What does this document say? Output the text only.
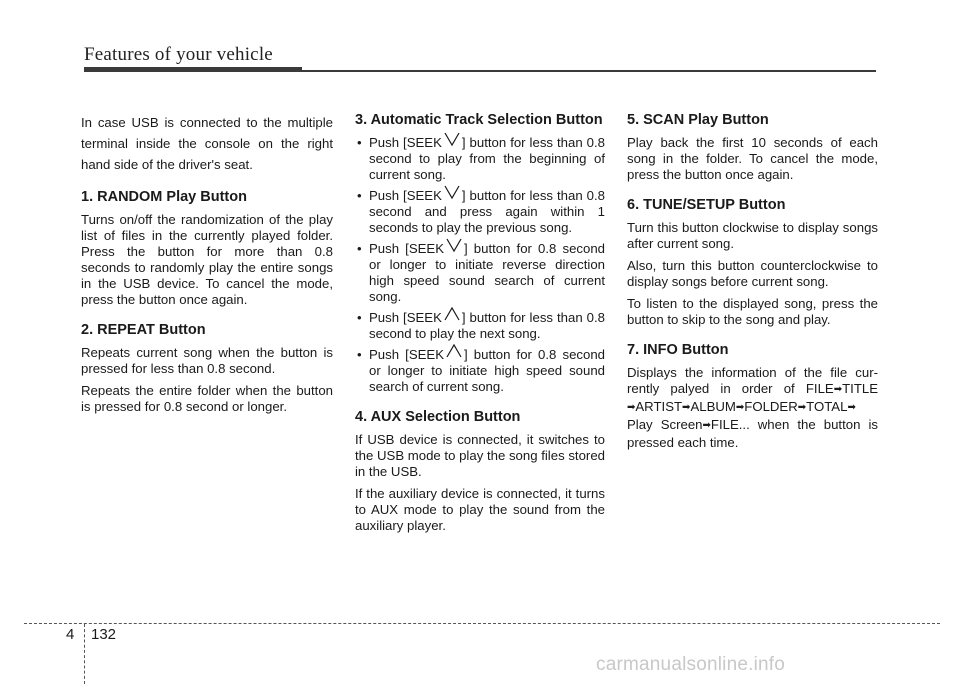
Features of your vehicle

In case USB is connected to the multiple terminal inside the console on the right hand side of the driver's seat.

1. RANDOM Play Button

Turns on/off the randomization of the play list of files in the currently played folder. Press the button for more than 0.8 seconds to randomly play the entire songs in the USB device. To cancel the mode, press the button once again.

2. REPEAT Button

Repeats current song when the button is pressed for less than 0.8 second.

Repeats the entire folder when the button is pressed for 0.8 second or longer.

3. Automatic Track Selection Button
• Push [SEEK ] button for less than 0.8 second to play from the beginning of current song.
• Push [SEEK ] button for less than 0.8 second and press again within 1 seconds to play the previous song.
• Push [SEEK ] button for 0.8 second or longer to initiate reverse direction high speed sound search of current song.
• Push [SEEK ] button for less than 0.8 second to play the next song.
• Push [SEEK ] button for 0.8 second or longer to initiate high speed sound search of current song.
4. AUX Selection Button

If USB device is connected, it switches to the USB mode to play the song files stored in the USB.

If the auxiliary device is connected, it turns to AUX mode to play the sound from the auxiliary player.

5. SCAN Play Button

Play back the first 10 seconds of each song in the folder. To cancel the mode, press the button once again.

6. TUNE/SETUP Button

Turn this button clockwise to display songs after current song.

Also, turn this button counterclockwise to display songs before current song.

To listen to the displayed song, press the button to skip to the song and play.

7. INFO Button

Displays the information of the file cur-rently palyed in order of FILE➡TITLE ➡ARTIST➡ALBUM➡FOLDER➡TOTAL➡ Play Screen➡FILE... when the button is pressed each time.

4 132
carmanualsonline.info
